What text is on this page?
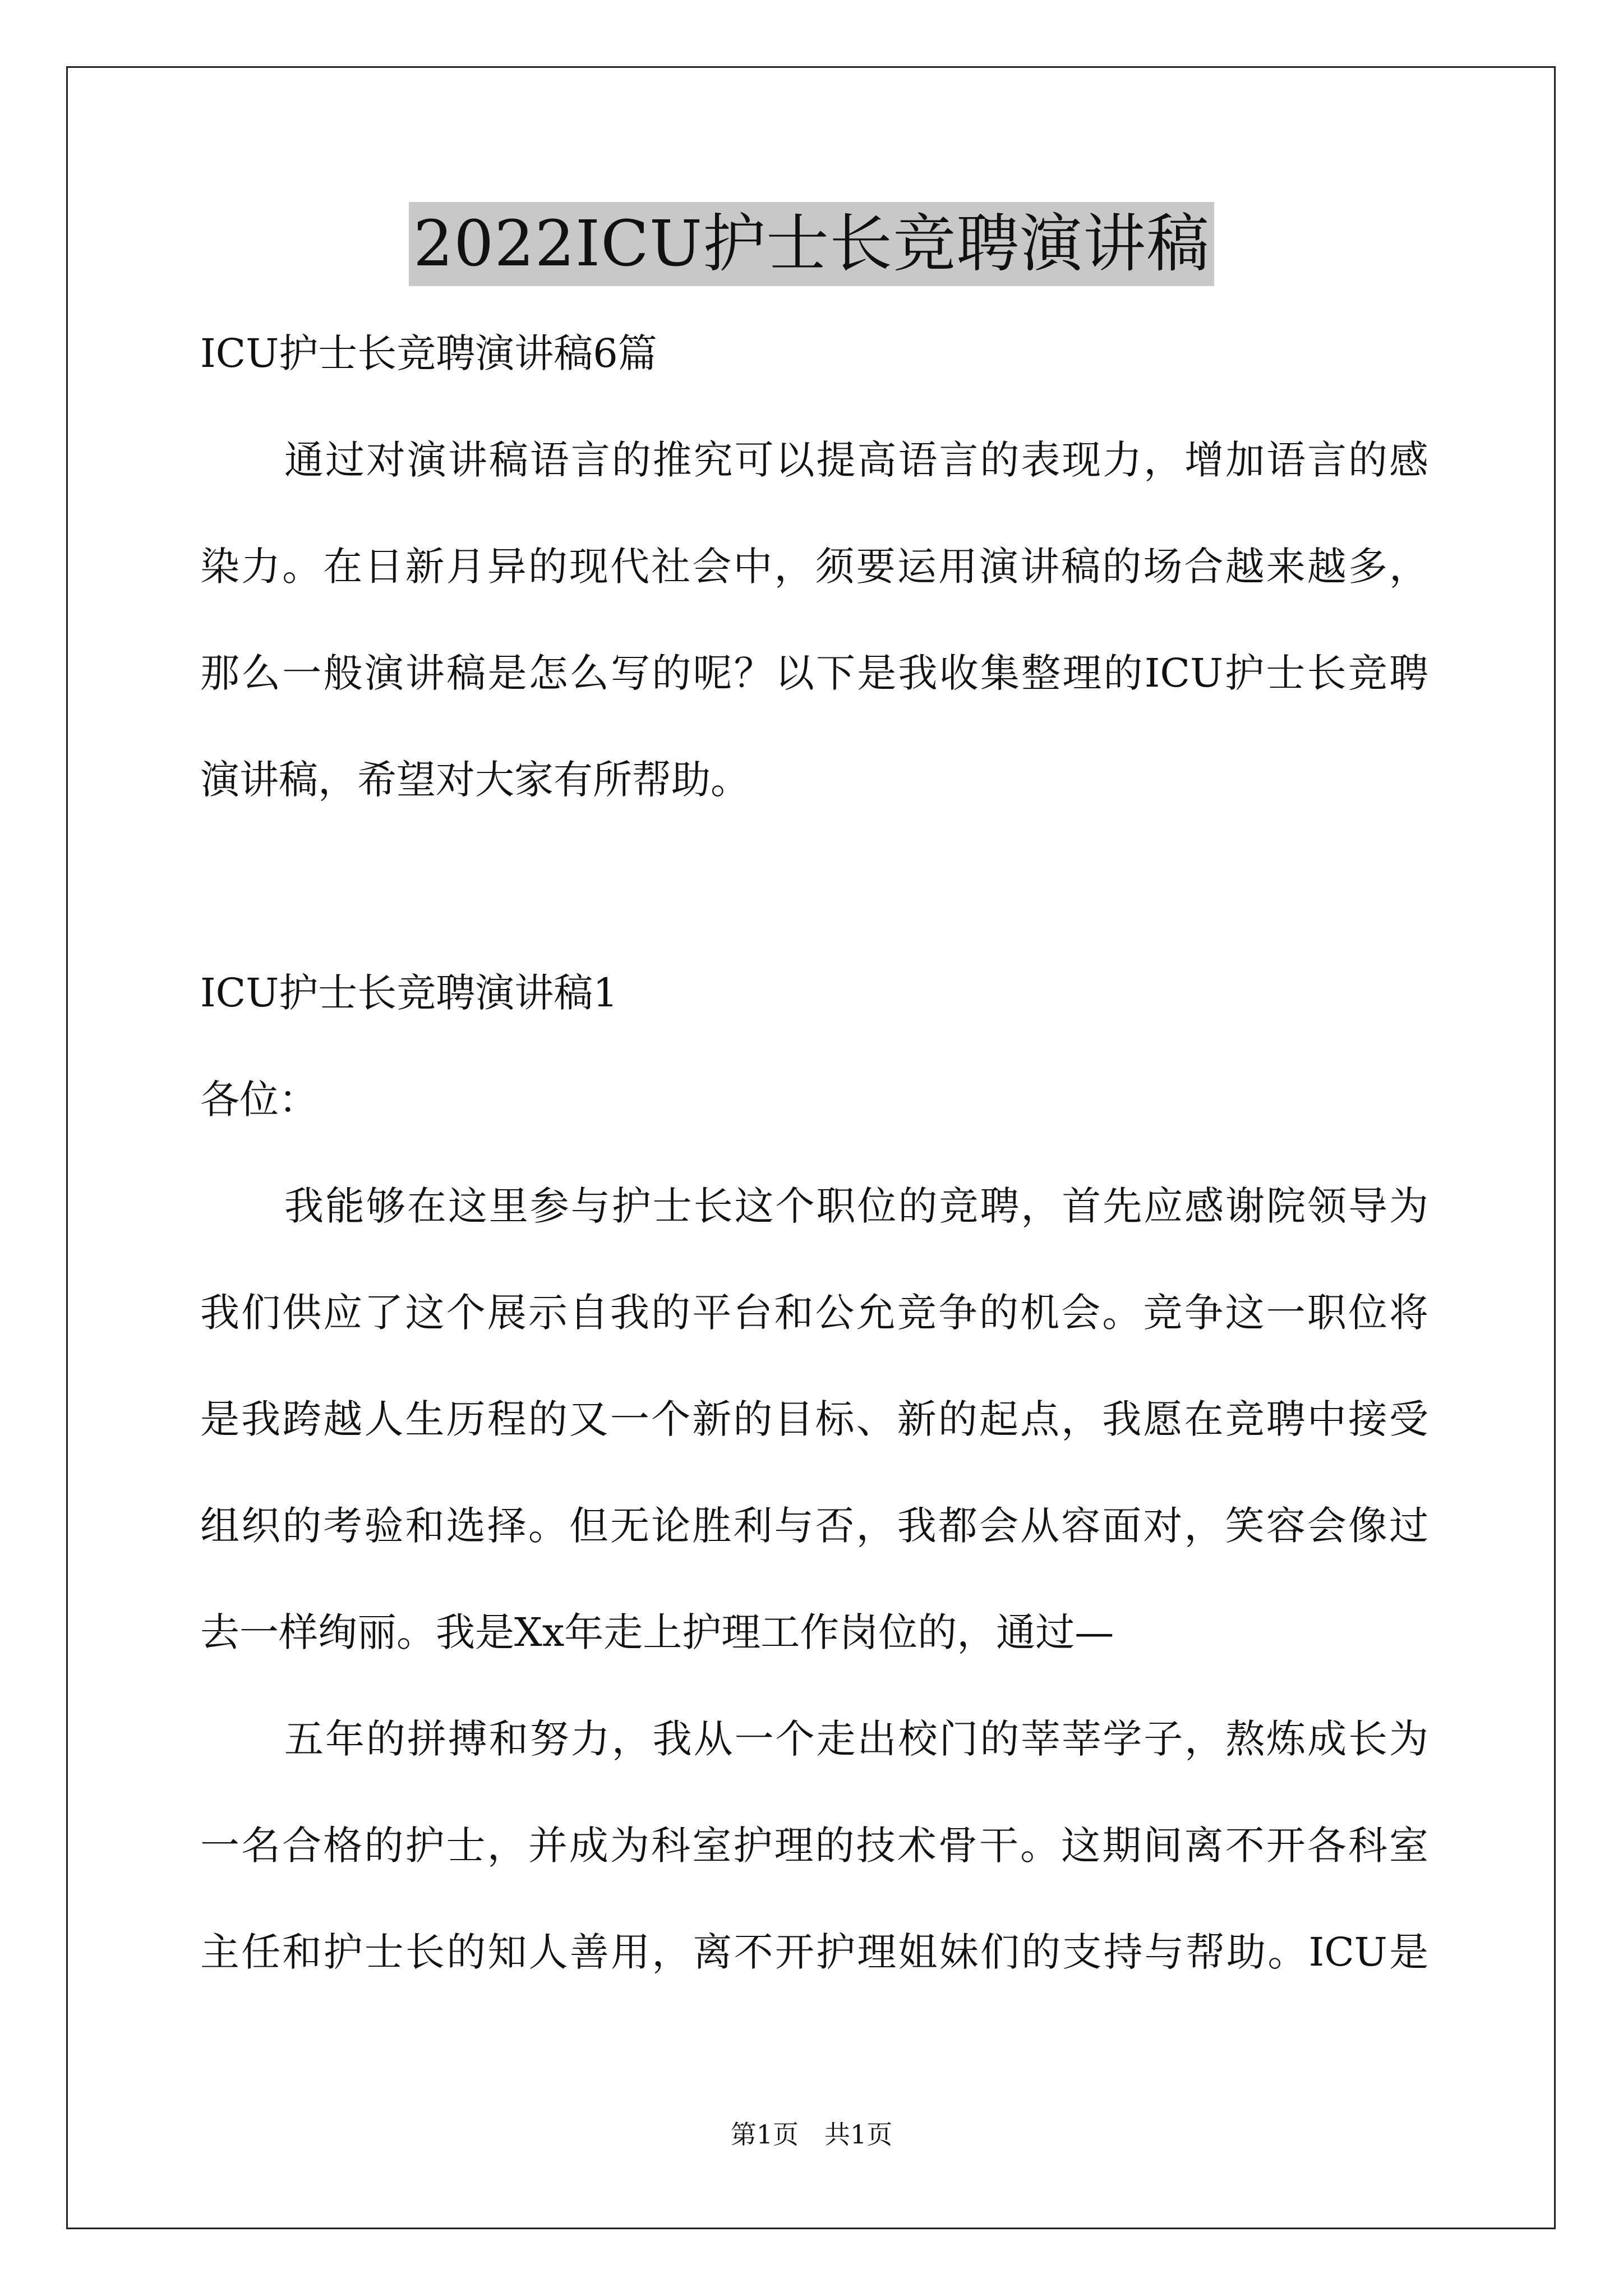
2022ICU护士长竞聘演讲稿
ICU护士长竞聘演讲稿6篇
通过对演讲稿语言的推究可以提高语言的表现力，增加语言的感
染力。在日新月异的现代社会中，须要运用演讲稿的场合越来越多，
那么一般演讲稿是怎么写的呢？以下是我收集整理的ICU护士长竞聘
演讲稿，希望对大家有所帮助。
ICU护士长竞聘演讲稿1
各位：
我能够在这里参与护士长这个职位的竞聘，首先应感谢院领导为
我们供应了这个展示自我的平台和公允竞争的机会。竞争这一职位将
是我跨越人生历程的又一个新的目标、新的起点，我愿在竞聘中接受
组织的考验和选择。但无论胜利与否，我都会从容面对，笑容会像过
去一样绚丽。我是Xx年走上护理工作岗位的，通过—
五年的拼搏和努力，我从一个走出校门的莘莘学子，熬炼成长为
一名合格的护士，并成为科室护理的技术骨干。这期间离不开各科室
主任和护士长的知人善用，离不开护理姐妹们的支持与帮助。ICU是
第1页　共1页
